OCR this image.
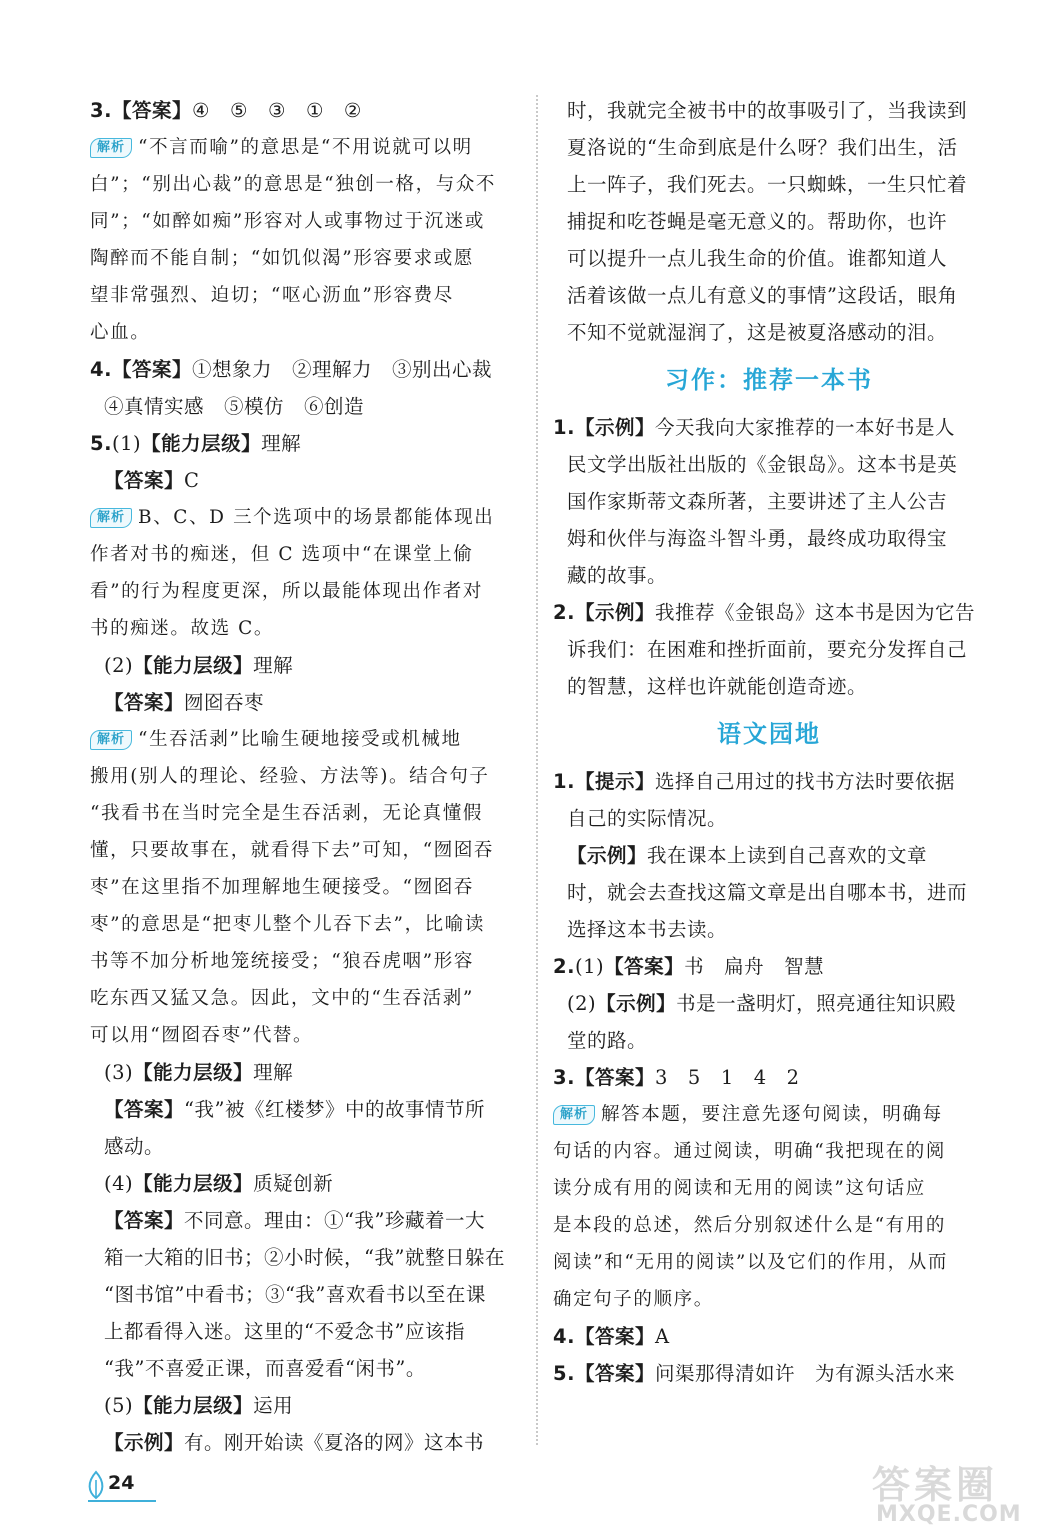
3.【答案】④　⑤　③　①　②
解析 “不言而喻”的意思是“不用说就可以明
白”；“别出心裁”的意思是“独创一格，与众不
同”；“如醉如痴”形容对人或事物过于沉迷或
陶醉而不能自制；“如饥似渴”形容要求或愿
望非常强烈、迫切；“呕心沥血”形容费尽
心血。
4.【答案】①想象力　②理解力　③别出心裁
④真情实感　⑤模仿　⑥创造
5.(1)【能力层级】理解
【答案】C
解析 B、C、D 三个选项中的场景都能体现出
作者对书的痴迷，但 C 选项中“在课堂上偷
看”的行为程度更深，所以最能体现出作者对
书的痴迷。故选 C。
(2)【能力层级】理解
【答案】囫囵吞枣
解析 “生吞活剥”比喻生硬地接受或机械地
搬用(别人的理论、经验、方法等)。结合句子
“我看书在当时完全是生吞活剥，无论真懂假
懂，只要故事在，就看得下去”可知，“囫囵吞
枣”在这里指不加理解地生硬接受。“囫囵吞
枣”的意思是“把枣儿整个儿吞下去”，比喻读
书等不加分析地笼统接受；“狼吞虎咽”形容
吃东西又猛又急。因此，文中的“生吞活剥”
可以用“囫囵吞枣”代替。
(3)【能力层级】理解
【答案】“我”被《红楼梦》中的故事情节所
感动。
(4)【能力层级】质疑创新
【答案】不同意。理由：①“我”珍藏着一大
箱一大箱的旧书；②小时候，“我”就整日躲在
“图书馆”中看书；③“我”喜欢看书以至在课
上都看得入迷。这里的“不爱念书”应该指
“我”不喜爱正课，而喜爱看“闲书”。
(5)【能力层级】运用
【示例】有。刚开始读《夏洛的网》这本书
时，我就完全被书中的故事吸引了，当我读到
夏洛说的“生命到底是什么呀？我们出生，活
上一阵子，我们死去。一只蜘蛛，一生只忙着
捕捉和吃苍蝇是毫无意义的。帮助你，也许
可以提升一点儿我生命的价值。谁都知道人
活着该做一点儿有意义的事情”这段话，眼角
不知不觉就湿润了，这是被夏洛感动的泪。
习作：推荐一本书
1.【示例】今天我向大家推荐的一本好书是人
民文学出版社出版的《金银岛》。这本书是英
国作家斯蒂文森所著，主要讲述了主人公吉
姆和伙伴与海盗斗智斗勇，最终成功取得宝
藏的故事。
2.【示例】我推荐《金银岛》这本书是因为它告
诉我们：在困难和挫折面前，要充分发挥自己
的智慧，这样也许就能创造奇迹。
语文园地
1.【提示】选择自己用过的找书方法时要依据
自己的实际情况。
【示例】我在课本上读到自己喜欢的文章
时，就会去查找这篇文章是出自哪本书，进而
选择这本书去读。
2.(1)【答案】书　扁舟　智慧
(2)【示例】书是一盏明灯，照亮通往知识殿
堂的路。
3.【答案】3　5　1　4　2
解析 解答本题，要注意先逐句阅读，明确每
句话的内容。通过阅读，明确“我把现在的阅
读分成有用的阅读和无用的阅读”这句话应
是本段的总述，然后分别叙述什么是“有用的
阅读”和“无用的阅读”以及它们的作用，从而
确定句子的顺序。
4.【答案】A
5.【答案】问渠那得清如许　为有源头活水来
24	答案圈
MXQE.COM
